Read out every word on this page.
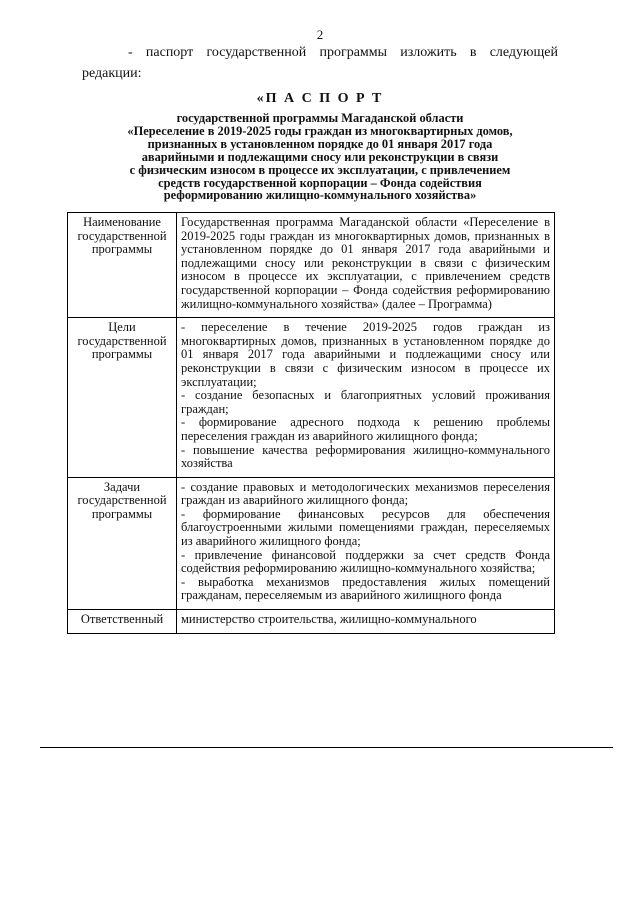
2
- паспорт государственной программы изложить в следующей
редакции:
«П А С П О Р Т
государственной программы Магаданской области
«Переселение в 2019-2025 годы граждан из многоквартирных домов,
признанных в установленном порядке до 01 января 2017 года
аварийными и подлежащими сносу или реконструкции в связи
с физическим износом в процессе их эксплуатации, с привлечением
средств государственной корпорации – Фонда содействия
реформированию жилищно-коммунального хозяйства»
Наименование государственной программы	Государственная программа Магаданской области «Переселение в 2019-2025 годы граждан из многоквартирных домов, признанных в установленном порядке до 01 января 2017 года аварийными и подлежащими сносу или реконструкции в связи с физическим износом в процессе их эксплуатации, с привлечением средств государственной корпорации – Фонда содействия реформированию жилищно-коммунального хозяйства» (далее – Программа)

Цели государственной программы	- переселение в течение 2019-2025 годов граждан из многоквартирных домов, признанных в установленном порядке до 01 января 2017 года аварийными и подлежащими сносу или реконструкции в связи с физическим износом в процессе их эксплуатации;
- создание безопасных и благоприятных условий проживания граждан;
- формирование адресного подхода к решению проблемы переселения граждан из аварийного жилищного фонда;
- повышение качества реформирования жилищно-коммунального хозяйства

Задачи государственной программы	- создание правовых и методологических механизмов переселения граждан из аварийного жилищного фонда;
- формирование финансовых ресурсов для обеспечения благоустроенными жилыми помещениями граждан, переселяемых из аварийного жилищного фонда;
- привлечение финансовой поддержки за счет средств Фонда содействия реформированию жилищно-коммунального хозяйства;
- выработка механизмов предоставления жилых помещений гражданам, переселяемым из аварийного жилищного фонда

Ответственный	министерство строительства, жилищно-коммунального
